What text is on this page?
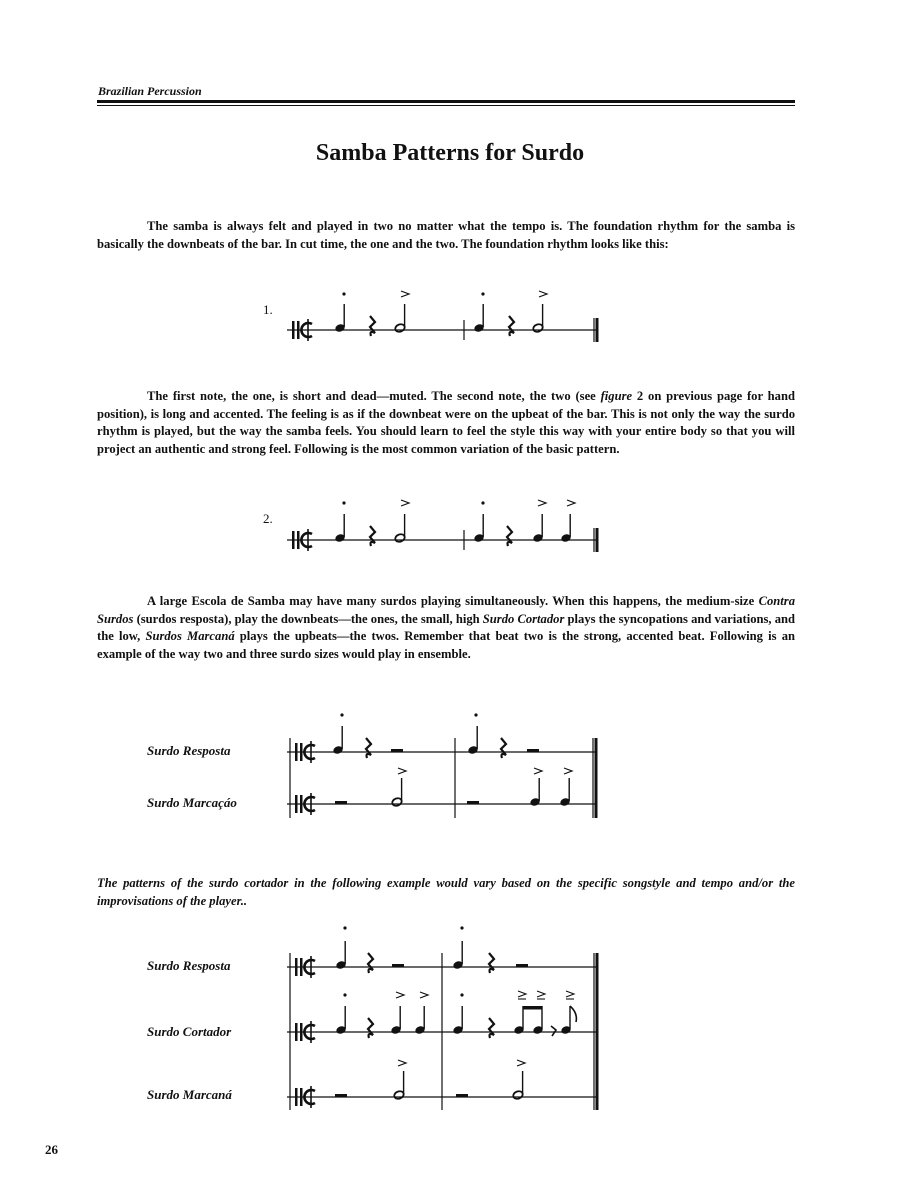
Brazilian Percussion
Samba Patterns for Surdo
The samba is always felt and played in two no matter what the tempo is. The foundation rhythm for the samba is basically the downbeats of the bar. In cut time, the one and the two. The foundation rhythm looks like this:
1.
The first note, the one, is short and dead—muted. The second note, the two (see figure 2 on previous page for hand position), is long and accented. The feeling is as if the downbeat were on the upbeat of the bar. This is not only the way the surdo rhythm is played, but the way the samba feels. You should learn to feel the style this way with your entire body so that you will project an authentic and strong feel. Following is the most common variation of the basic pattern.
2.
A large Escola de Samba may have many surdos playing simultaneously. When this happens, the medium-size Contra Surdos (surdos resposta), play the downbeats—the ones, the small, high Surdo Cortador plays the syncopations and variations, and the low, Surdos Marcaná plays the upbeats—the twos. Remember that beat two is the strong, accented beat. Following is an example of the way two and three surdo sizes would play in ensemble.
Surdo Resposta
Surdo Marcaçáo
The patterns of the surdo cortador in the following example would vary based on the specific songstyle and tempo and/or the improvisations of the player..
Surdo Resposta
Surdo Cortador
Surdo Marcaná
26
